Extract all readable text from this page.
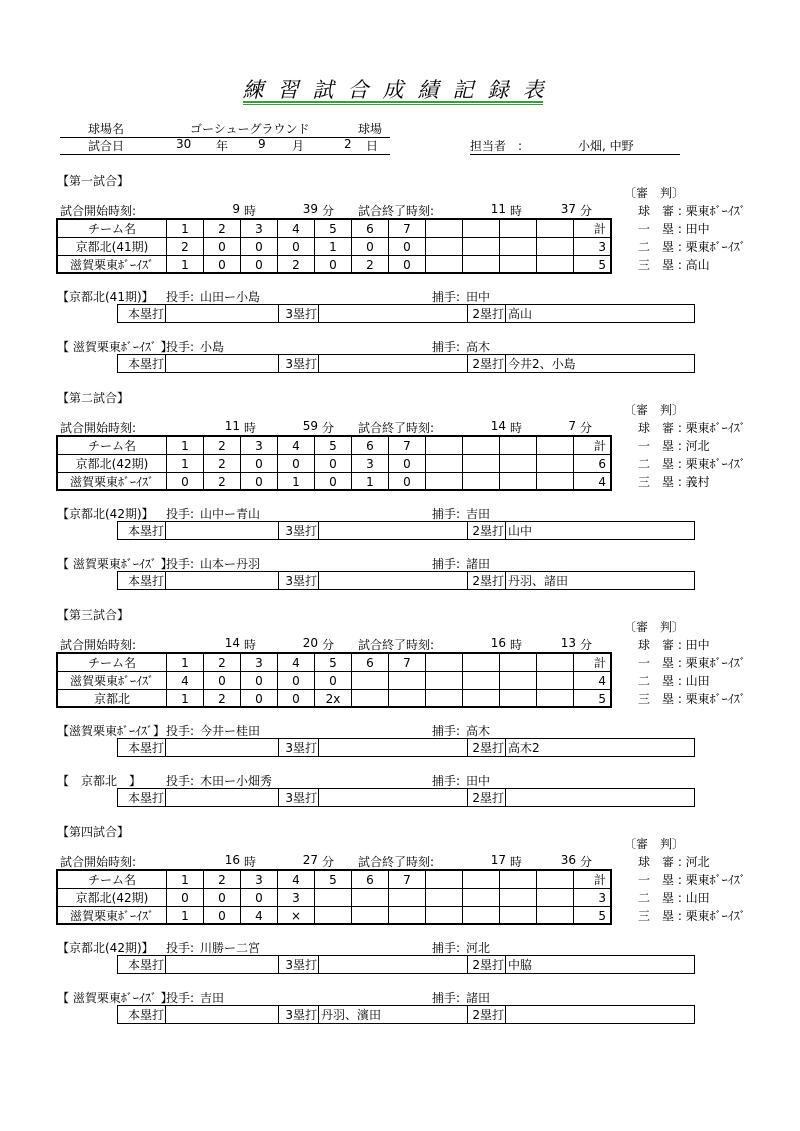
練習試合成績記録表
球場名	ゴーシューグラウンド	球場
試合日	30 年 9 月	2 日	担当者　:	小畑, 中野
【第一試合】
試合開始時刻:	9 時	39 分 試合終了時刻:	11 時	37 分
〔審　判〕
球　審 : 栗東ﾎﾞｰｲｽﾞ
一　塁 : 田中
二　塁 : 栗東ﾎﾞｰｲｽﾞ
三　塁 : 高山
チーム名	1	2	3	4	5	6	7					計
京都北(41期)	2	0	0	0	1	0	0					3
滋賀栗東ﾎﾞｰｲｽﾞ	1	0	0	2	0	2	0					5
【京都北(41期)】 投手: 山田ー小島	捕手: 田中
本塁打		3塁打		2塁打	高山
【 滋賀栗東ﾎﾞｰｲｽﾞ 】
投手: 小島	捕手: 高木
本塁打		3塁打		2塁打	今井2、小島
【第二試合】
試合開始時刻:	11 時	59 分 試合終了時刻:	14 時	7 分
〔審　判〕
球　審 : 栗東ﾎﾞｰｲｽﾞ
一　塁 : 河北
二　塁 : 栗東ﾎﾞｰｲｽﾞ
三　塁 : 義村
チーム名	1	2	3	4	5	6	7					計
京都北(42期)	1	2	0	0	0	3	0					6
滋賀栗東ﾎﾞｰｲｽﾞ	0	2	0	1	0	1	0					4
【京都北(42期)】 投手: 山中ー青山	捕手: 吉田
本塁打		3塁打		2塁打	山中
【 滋賀栗東ﾎﾞｰｲｽﾞ 】
投手: 山本ー丹羽	捕手: 諸田
本塁打		3塁打		2塁打	丹羽、諸田
【第三試合】
試合開始時刻:	14 時	20 分 試合終了時刻:	16 時	13 分
〔審　判〕
球　審 : 田中
一　塁 : 栗東ﾎﾞｰｲｽﾞ
二　塁 : 山田
三　塁 : 栗東ﾎﾞｰｲｽﾞ
チーム名	1	2	3	4	5	6	7					計
滋賀栗東ﾎﾞｰｲｽﾞ	4	0	0	0	0							4
京都北	1	2	0	0	2x							5
【滋賀栗東ﾎﾞｰｲｽﾞ】 投手: 今井ー桂田	捕手: 高木
本塁打		3塁打		2塁打	高木2
【　京都北　】 投手: 木田ー小畑秀	捕手: 田中
本塁打		3塁打		2塁打	
【第四試合】
試合開始時刻:	16 時	27 分 試合終了時刻:	17 時	36 分
〔審　判〕
球　審 : 河北
一　塁 : 栗東ﾎﾞｰｲｽﾞ
二　塁 : 山田
三　塁 : 栗東ﾎﾞｰｲｽﾞ
チーム名	1	2	3	4	5	6	7					計
京都北(42期)	0	0	0	3								3
滋賀栗東ﾎﾞｰｲｽﾞ	1	0	4	×								5
【京都北(42期)】 投手: 川勝ー二宮	捕手: 河北
本塁打		3塁打		2塁打	中脇
【 滋賀栗東ﾎﾞｰｲｽﾞ 】
投手: 吉田	捕手: 諸田
本塁打		3塁打	丹羽、濱田	2塁打	
